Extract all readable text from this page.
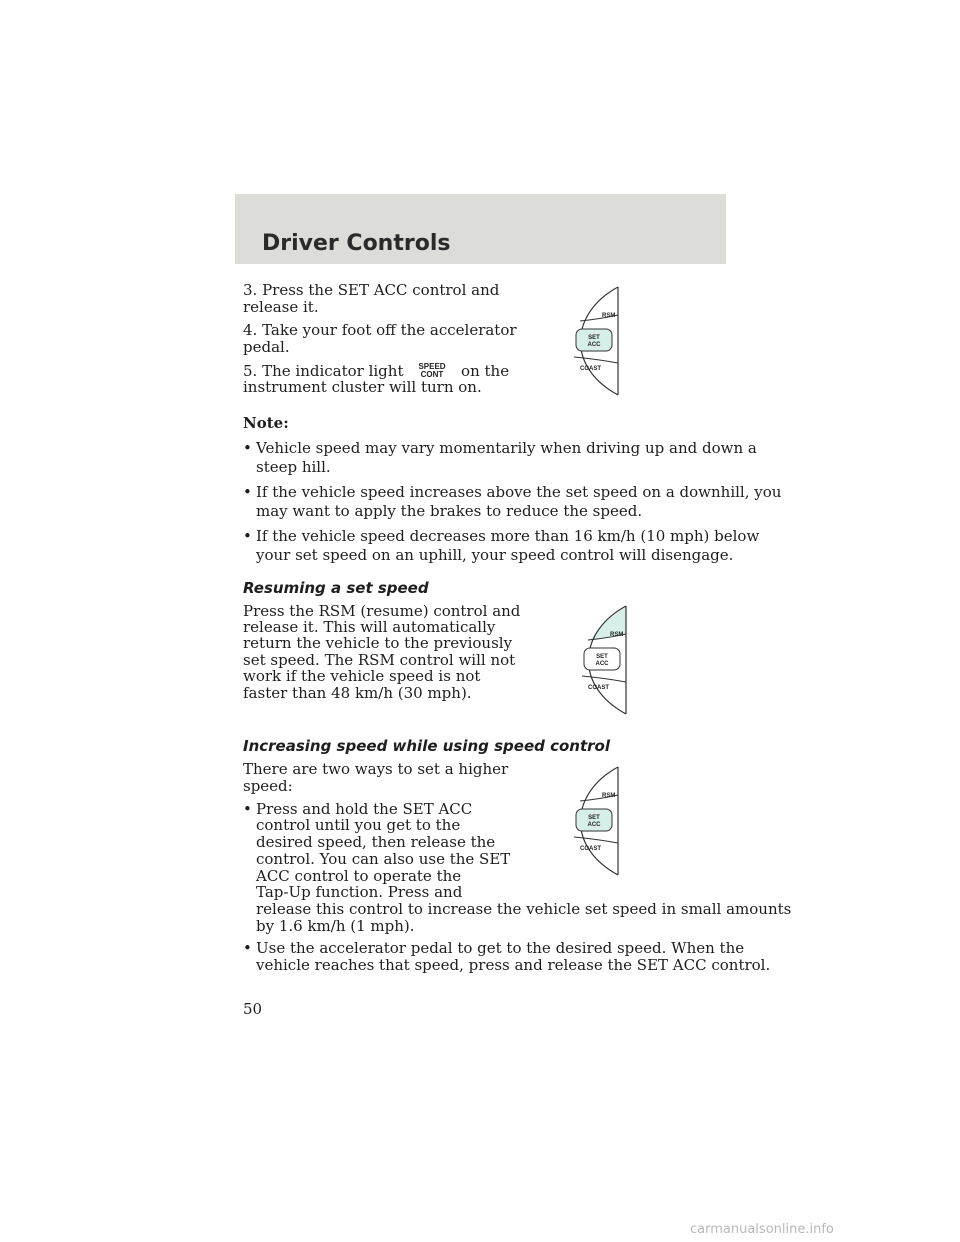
Driver Controls
3. Press the SET ACC control and
release it.
4. Take your foot off the accelerator
pedal.
5. The indicator light SPEED
CONT on the
instrument cluster will turn on.
RSM
SET
ACC
COAST
Note:
• Vehicle speed may vary momentarily when driving up and down a
steep hill.
• If the vehicle speed increases above the set speed on a downhill, you
may want to apply the brakes to reduce the speed.
• If the vehicle speed decreases more than 16 km/h (10 mph) below
your set speed on an uphill, your speed control will disengage.
Resuming a set speed
Press the RSM (resume) control and
release it. This will automatically
return the vehicle to the previously
set speed. The RSM control will not
work if the vehicle speed is not
faster than 48 km/h (30 mph).
RSM
SET
ACC
COAST
Increasing speed while using speed control
There are two ways to set a higher
speed:
• Press and hold the SET ACC
control until you get to the
desired speed, then release the
control. You can also use the SET
ACC control to operate the
Tap-Up function. Press and
release this control to increase the vehicle set speed in small amounts
by 1.6 km/h (1 mph).
• Use the accelerator pedal to get to the desired speed. When the
vehicle reaches that speed, press and release the SET ACC control.
RSM
SET
ACC
COAST
50
carmanualsonline.info
